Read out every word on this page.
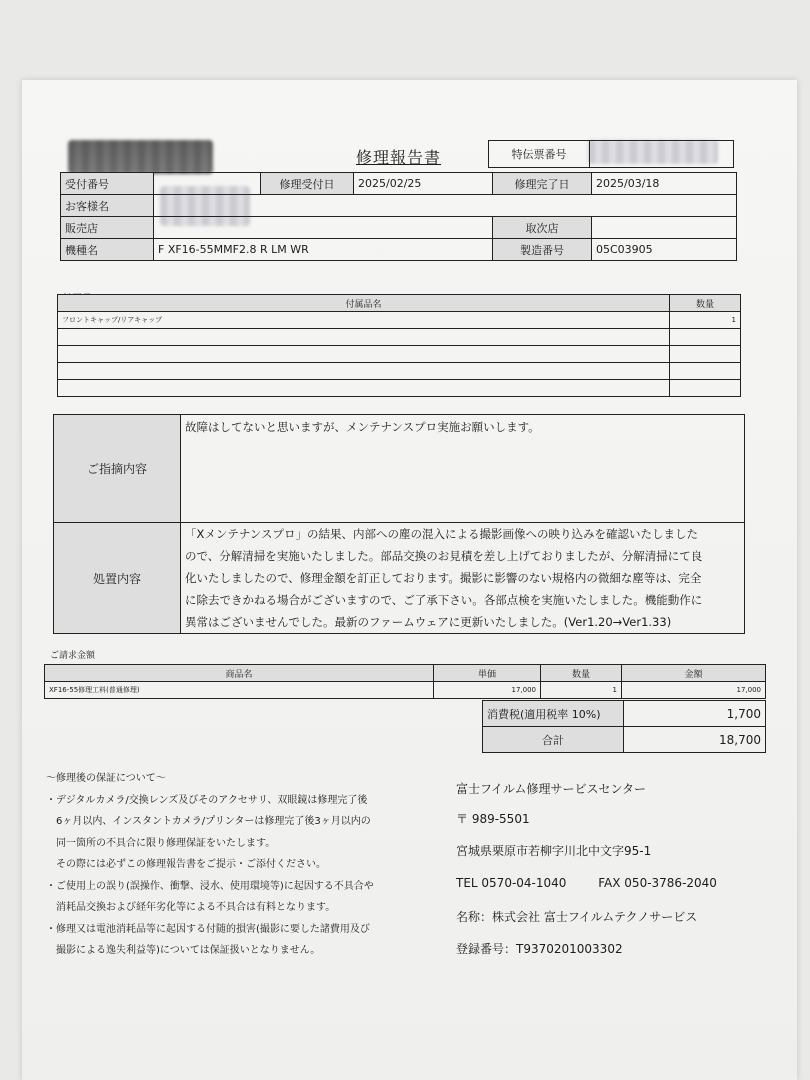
修理報告書	特伝票番号	
受付番号		修理受付日	2025/02/25	修理完了日	2025/03/18
お客様名					
販売店				取次店	
機種名	F XF16-55MMF2.8 R LM WR			製造番号	05C03905
付属品名	数量
フロントキャップ/リアキャップ	1

ご指摘内容	故障はしてないと思いますが、メンテナンスプロ実施お願いします。
処置内容	「Xメンテナンスプロ」の結果、内部への塵の混入による撮影画像への映り込みを確認いたしました
ので、分解清掃を実施いたしました。部品交換のお見積を差し上げておりましたが、分解清掃にて良
化いたしましたので、修理金額を訂正しております。撮影に影響のない規格内の微細な塵等は、完全
に除去できかねる場合がございますので、ご了承下さい。各部点検を実施いたしました。機能動作に
異常はございませんでした。最新のファームウェアに更新いたしました。(Ver1.20→Ver1.33)
ご請求金額
商品名	単価	数量	金額
XF16-55修理工料(普通修理)	17,000	1	17,000
消費税(適用税率 10%)	1,700
合計	18,700
〜修理後の保証について〜
・デジタルカメラ/交換レンズ及びそのアクセサリ、双眼鏡は修理完了後
　6ヶ月以内、インスタントカメラ/プリンターは修理完了後3ヶ月以内の
　同一箇所の不具合に限り修理保証をいたします。
　その際には必ずこの修理報告書をご提示・ご添付ください。
・ご使用上の誤り(誤操作、衝撃、浸水、使用環境等)に起因する不具合や
　消耗品交換および経年劣化等による不具合は有料となります。
・修理又は電池消耗品等に起因する付随的損害(撮影に要した諸費用及び
　撮影による逸失利益等)については保証扱いとなりません。
富士フイルム修理サービスセンター
〒 989-5501
宮城県栗原市若柳字川北中文字95-1
TEL 0570-04-1040	FAX 050-3786-2040
名称：株式会社 富士フイルムテクノサービス
登録番号：T9370201003302
